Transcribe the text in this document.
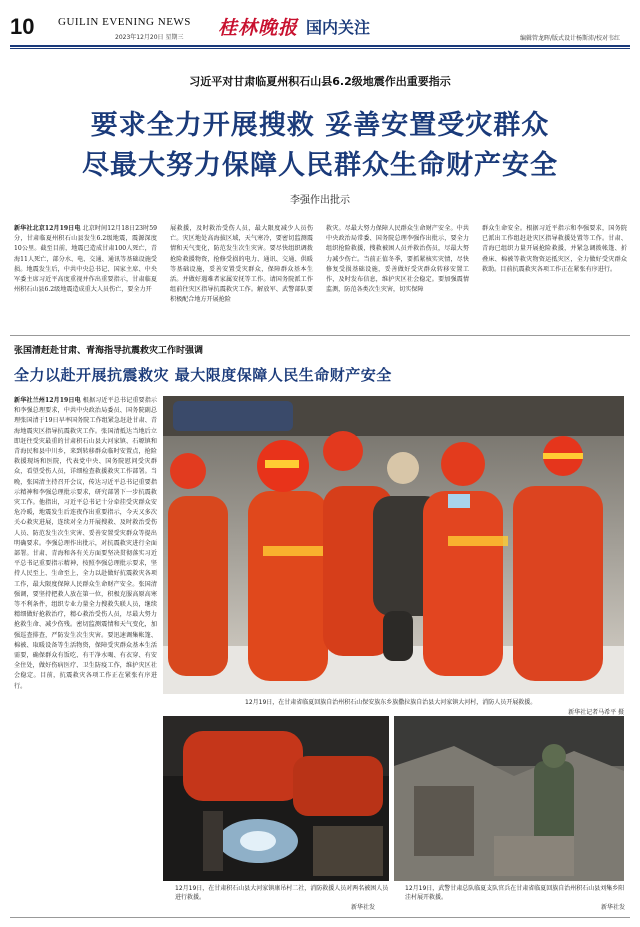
10 GUILIN EVENING NEWS
2023年12月20日 星期三 桂林晚报 国内关注
编辑管龙晖/版式设计杨斯沛/校对韦红
习近平对甘肃临夏州积石山县6.2级地震作出重要指示
要求全力开展搜救 妥善安置受灾群众
尽最大努力保障人民群众生命财产安全
李强作出批示
新华社北京12月19日电 北京时间12月18日23时59分，甘肃临夏州积石山县发生6.2级地震，震源深度10公里。截至目前，地震已造成甘肃100人死亡，青海11人死亡，部分水、电、交通、通讯等基础设施受损。地震发生后，中共中央总书记、国家主席、中央军委主席习近平高度重视并作出重要指示，甘肃临夏州积石山县6.2级地震造成重大人员伤亡，要全力开
展救援，及时救治受伤人员，最大限度减少人员伤亡。灾区地处高海拔区域，天气寒冷，要密切监测震情和天气变化，防范发生次生灾害。要尽快组织调拨抢险救援物资，抢修受损的电力、通讯、交通、供暖等基础设施，妥善安置受灾群众，保障群众基本生活。并做好遇难者家属安抚等工作。请国务院派工作组前往灾区指导抗震救灾工作。解放军、武警部队要积极配合地方开展抢险
救灾。尽最大努力保障人民群众生命财产安全。中共中央政治局常委、国务院总理李强作出批示，要全力组织抢险救援，搜救被困人员并救治伤员，尽最大努力减少伤亡。当前正值冬季，要抓紧核实灾情，尽快修复受损基础设施，妥善做好受灾群众转移安置工作，及时发布信息，维护灾区社会稳定。要加强震情监测，防范各类次生灾害，切实保障
群众生命安全。根据习近平指示和李强要求，国务院已派出工作组赶赴灾区指导救援处置等工作。甘肃、青海已组织力量开展抢险救援，并紧急调拨帐篷、折叠床、棉被等救灾物资运抵灾区，全力做好受灾群众救助。目前抗震救灾各项工作正在紧张有序进行。
张国清赶赴甘肃、青海指导抗震救灾工作时强调
全力以赴开展抗震救灾 最大限度保障人民生命财产安全
新华社兰州12月19日电 根据习近平总书记重要指示和李强总理要求，中共中央政治局委员、国务院副总理张国清于19日早率国务院工作组紧急赶赴甘肃、青海地震灾区指导抗震救灾工作。张国清抵达当地后立即赶往受灾最重的甘肃积石山县大河家镇、石塬镇和青海民和县中川乡，来到转移群众临时安置点，抢险救援现场和医院，代表党中央、国务院慰问受灾群众，看望受伤人员，详细检查救援救灾工作部署。当晚，张国清主持召开会议，传达习近平总书记重要指示精神和李强总理批示要求，研究部署下一步抗震救灾工作。他指出，习近平总书记十分牵挂受灾群众安危冷暖，地震发生后连夜作出重要指示，今天又多次关心救灾进展，连续对全力开展搜救、及时救治受伤人员、防范发生次生灾害、妥善安置受灾群众等提出明确要求。李强总理作出批示，对抗震救灾进行全面部署。甘肃、青海和各有关方面要坚决贯彻落实习近平总书记重要指示精神，按照李强总理批示要求，坚持人民至上、生命至上，全力以赴做好抗震救灾各项工作，最大限度保障人民群众生命财产安全。张国清强调，要坚持把救人放在第一位，积极克服高原高寒等不利条件，组织专业力量全力搜救失联人员，继续精细做好抢救治疗，精心救治受伤人员，尽最大努力抢救生命、减少伤残。密切监测震情和天气变化，加强巡查排查，严防发生次生灾害。要迅速调集帐篷、棉被、取暖设备等生活物资，保障受灾群众基本生活需要，确保群众有饭吃、有干净水喝、有衣穿、有安全住处，做好伤病医疗、卫生防疫工作，维护灾区社会稳定。目前，抗震救灾各项工作正在紧张有序进行。
12月19日，在甘肃省临夏回族自治州积石山保安族东乡族撒拉族自治县大河家镇大河村，消防人员开展救援。
新华社记者马希平 摄
12月19日，在甘肃积石山县大河家镇康吊村二社，消防救援人员对两名被困人员进行救援。
新华社发
12月19日，武警甘肃总队临夏支队官兵在甘肃省临夏回族自治州积石山县刘集乡阳洼村展开救援。
新华社发
